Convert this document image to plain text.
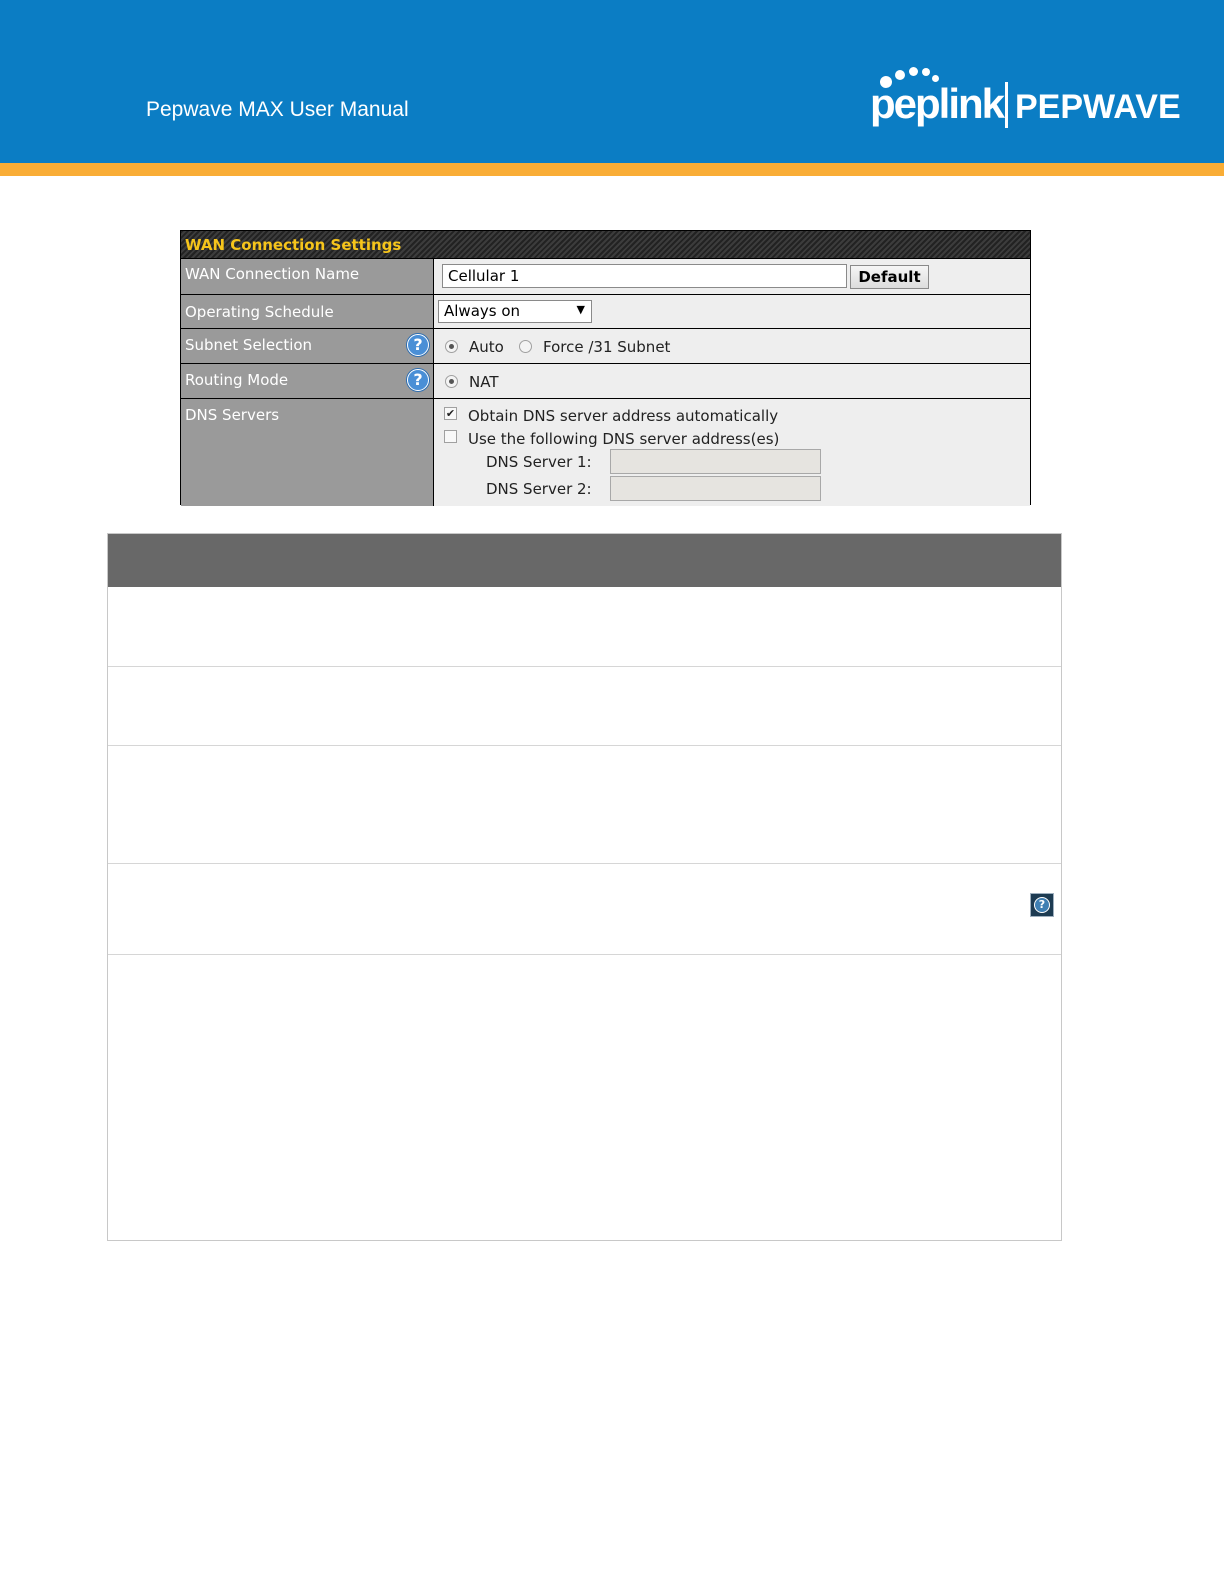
Pepwave MAX User Manual	peplink PEPWAVE
WAN Connection Settings
WAN Connection Name	Cellular 1	Default
Operating Schedule	Always on	▼
Subnet Selection	?	Auto	Force /31 Subnet
Routing Mode	?	NAT
DNS Servers	✔ Obtain DNS server address automatically
Use the following DNS server address(es)
DNS Server 1:
DNS Server 2:
?
